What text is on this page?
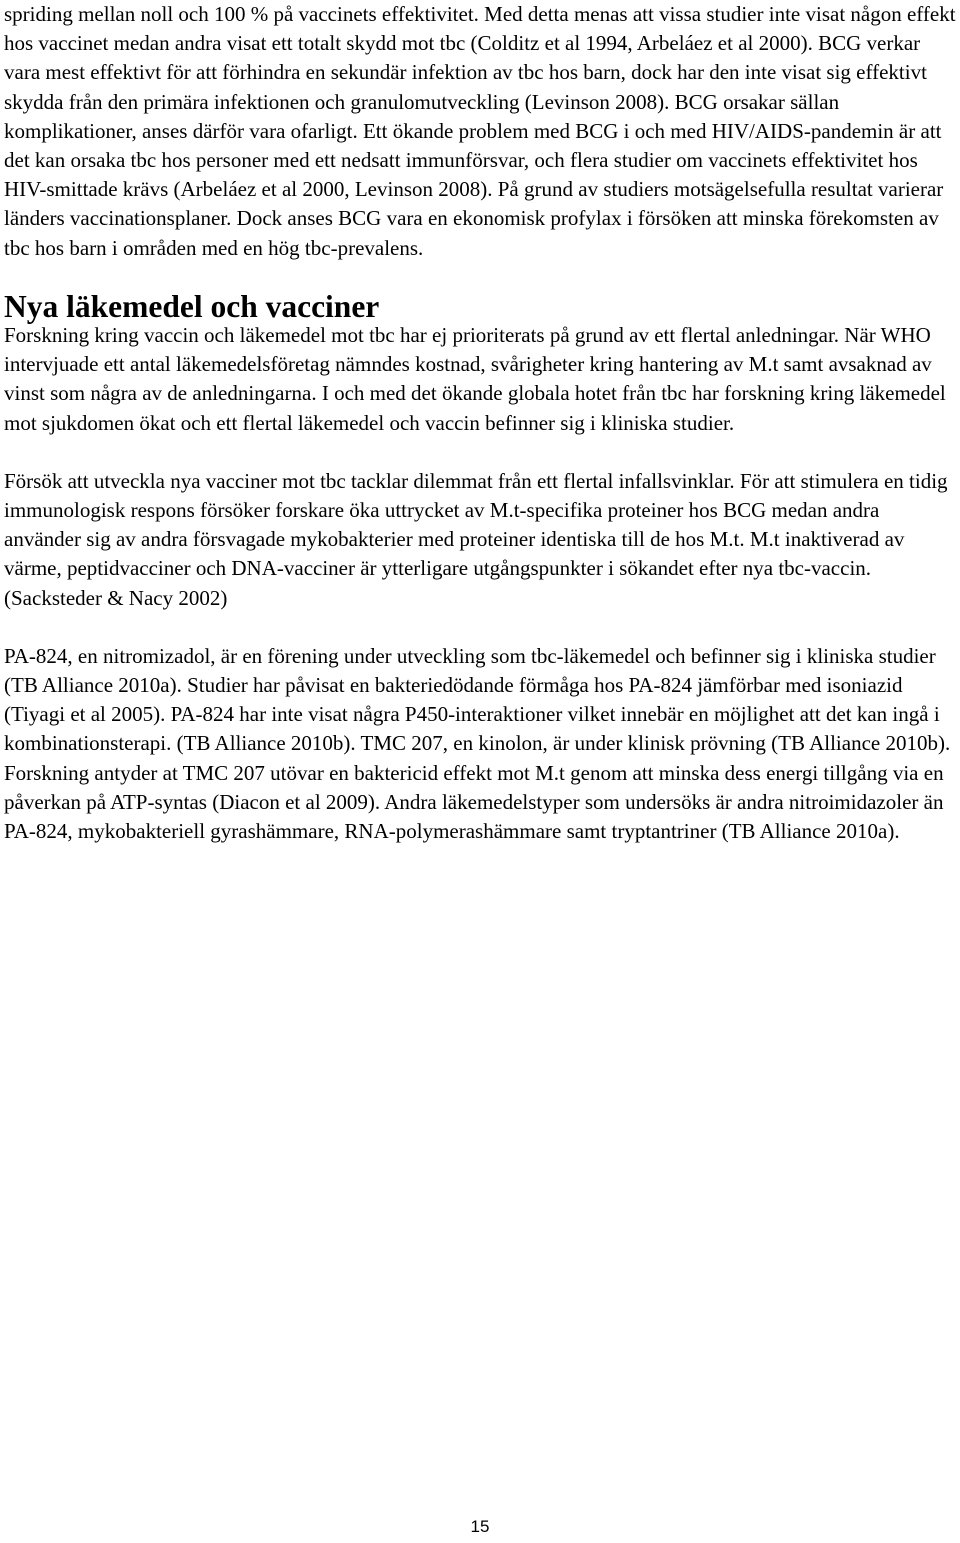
spriding mellan noll och 100 % på vaccinets effektivitet. Med detta menas att vissa studier inte visat någon effekt hos vaccinet medan andra visat ett totalt skydd mot tbc (Colditz et al 1994, Arbeláez et al 2000). BCG verkar vara mest effektivt för att förhindra en sekundär infektion av tbc hos barn, dock har den inte visat sig effektivt skydda från den primära infektionen och granulomutveckling (Levinson 2008). BCG orsakar sällan komplikationer, anses därför vara ofarligt. Ett ökande problem med BCG i och med HIV/AIDS-pandemin är att det kan orsaka tbc hos personer med ett nedsatt immunförsvar, och flera studier om vaccinets effektivitet hos HIV-smittade krävs (Arbeláez et al 2000, Levinson 2008). På grund av studiers motsägelsefulla resultat varierar länders vaccinationsplaner. Dock anses BCG vara en ekonomisk profylax i försöken att minska förekomsten av tbc hos barn i områden med en hög tbc-prevalens.

Nya läkemedel och vacciner

Forskning kring vaccin och läkemedel mot tbc har ej prioriterats på grund av ett flertal anledningar. När WHO intervjuade ett antal läkemedelsföretag nämndes kostnad, svårigheter kring hantering av M.t samt avsaknad av vinst som några av de anledningarna. I och med det ökande globala hotet från tbc har forskning kring läkemedel mot sjukdomen ökat och ett flertal läkemedel och vaccin befinner sig i kliniska studier.

Försök att utveckla nya vacciner mot tbc tacklar dilemmat från ett flertal infallsvinklar. För att stimulera en tidig immunologisk respons försöker forskare öka uttrycket av M.t-specifika proteiner hos BCG medan andra använder sig av andra försvagade mykobakterier med proteiner identiska till de hos M.t. M.t inaktiverad av värme, peptidvacciner och DNA-vacciner är ytterligare utgångspunkter i sökandet efter nya tbc-vaccin. (Sacksteder & Nacy 2002)

PA-824, en nitromizadol, är en förening under utveckling som tbc-läkemedel och befinner sig i kliniska studier (TB Alliance 2010a). Studier har påvisat en bakteriedödande förmåga hos PA-824 jämförbar med isoniazid (Tiyagi et al 2005). PA-824 har inte visat några P450-interaktioner vilket innebär en möjlighet att det kan ingå i kombinationsterapi. (TB Alliance 2010b). TMC 207, en kinolon, är under klinisk prövning (TB Alliance 2010b). Forskning antyder at TMC 207 utövar en baktericid effekt mot M.t genom att minska dess energi tillgång via en påverkan på ATP-syntas (Diacon et al 2009). Andra läkemedelstyper som undersöks är andra nitroimidazoler än PA-824, mykobakteriell gyrashämmare, RNA-polymerashämmare samt tryptantriner (TB Alliance 2010a).

15
